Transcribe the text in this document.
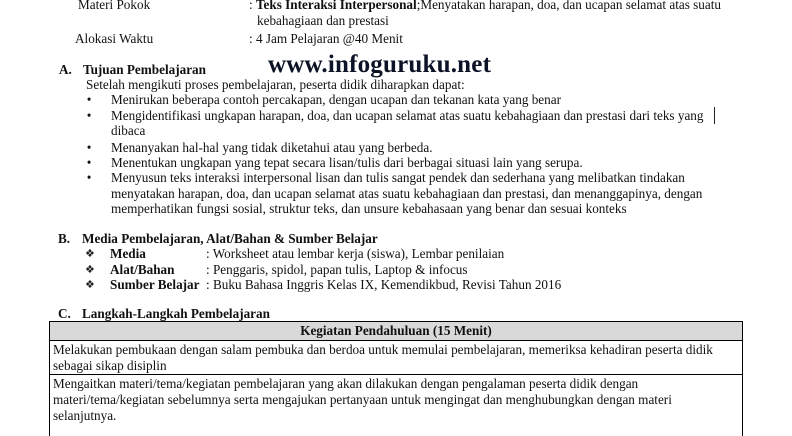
Materi Pokok	: Teks Interaksi Interpersonal;Menyatakan harapan, doa, dan ucapan selamat atas suatu
kebahagiaan dan prestasi
Alokasi Waktu	: 4 Jam Pelajaran @40 Menit
www.infoguruku.net
A. Tujuan Pembelajaran
Setelah mengikuti proses pembelajaran, peserta didik diharapkan dapat:
• Menirukan beberapa contoh percakapan, dengan ucapan dan tekanan kata yang benar
• Mengidentifikasi ungkapan harapan, doa, dan ucapan selamat atas suatu kebahagiaan dan prestasi dari teks yang
dibaca
• Menanyakan hal-hal yang tidak diketahui atau yang berbeda.
• Menentukan ungkapan yang tepat secara lisan/tulis dari berbagai situasi lain yang serupa.
• Menyusun teks interaksi interpersonal lisan dan tulis sangat pendek dan sederhana yang melibatkan tindakan
menyatakan harapan, doa, dan ucapan selamat atas suatu kebahagiaan dan prestasi, dan menanggapinya, dengan
memperhatikan fungsi sosial, struktur teks, dan unsure kebahasaan yang benar dan sesuai konteks
B. Media Pembelajaran, Alat/Bahan & Sumber Belajar
❖ Media	: Worksheet atau lembar kerja (siswa), Lembar penilaian
❖ Alat/Bahan : Penggaris, spidol, papan tulis, Laptop & infocus
❖ Sumber Belajar : Buku Bahasa Inggris Kelas IX, Kemendikbud, Revisi Tahun 2016
C. Langkah-Langkah Pembelajaran
Kegiatan Pendahuluan (15 Menit)
Melakukan pembukaan dengan salam pembuka dan berdoa untuk memulai pembelajaran, memeriksa kehadiran peserta didik
sebagai sikap disiplin
Mengaitkan materi/tema/kegiatan pembelajaran yang akan dilakukan dengan pengalaman peserta didik dengan
materi/tema/kegiatan sebelumnya serta mengajukan pertanyaan untuk mengingat dan menghubungkan dengan materi
selanjutnya.
